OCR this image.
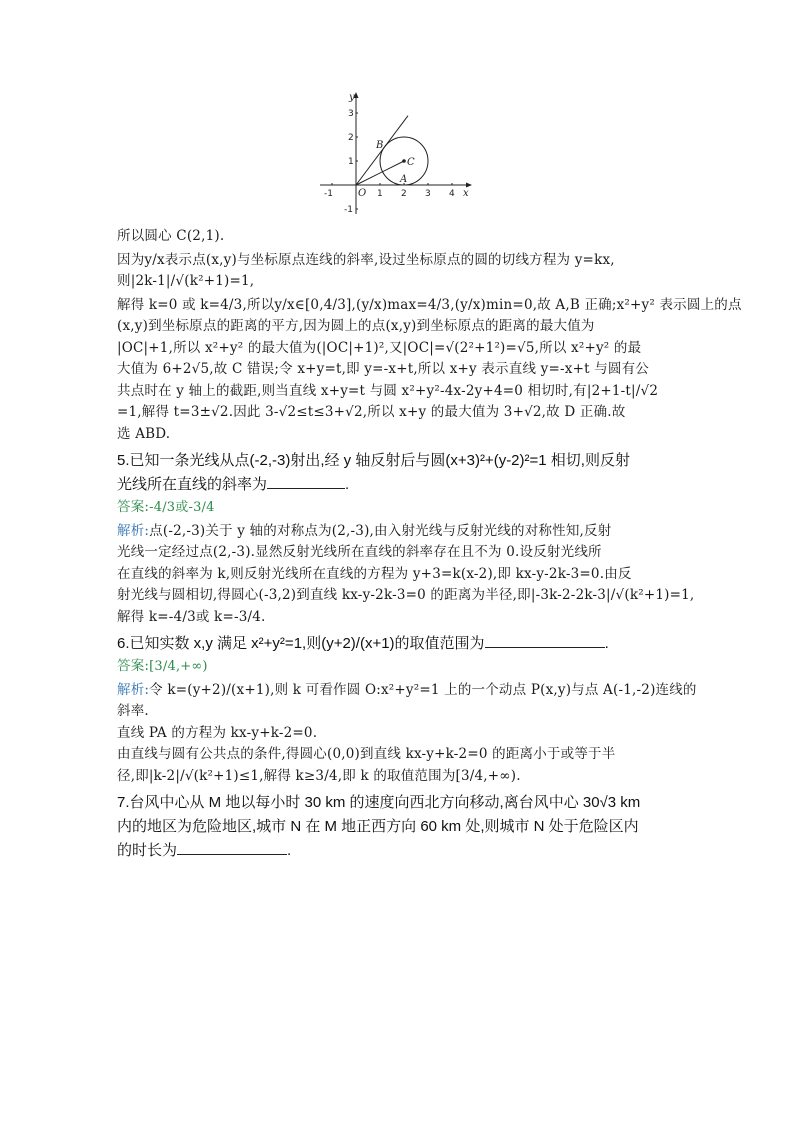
y
x
O
3
2
1
-1
-1	1 2 3 4
B
C
A
所以圆心 C(2,1).
因为y/x表示点(x,y)与坐标原点连线的斜率,设过坐标原点的圆的切线方程为 y=kx,
则|2k-1|/√(k²+1)=1,
解得 k=0 或 k=4/3,所以y/x∈[0,4/3],(y/x)max=4/3,(y/x)min=0,故 A,B 正确;x²+y² 表示圆上的点
(x,y)到坐标原点的距离的平方,因为圆上的点(x,y)到坐标原点的距离的最大值为
|OC|+1,所以 x²+y² 的最大值为(|OC|+1)²,又|OC|=√(2²+1²)=√5,所以 x²+y² 的最
大值为 6+2√5,故 C 错误;令 x+y=t,即 y=-x+t,所以 x+y 表示直线 y=-x+t 与圆有公
共点时在 y 轴上的截距,则当直线 x+y=t 与圆 x²+y²-4x-2y+4=0 相切时,有|2+1-t|/√2
=1,解得 t=3±√2.因此 3-√2≤t≤3+√2,所以 x+y 的最大值为 3+√2,故 D 正确.故
选 ABD.
5.已知一条光线从点(-2,-3)射出,经 y 轴反射后与圆(x+3)²+(y-2)²=1 相切,则反射
光线所在直线的斜率为	.
答案:-4/3或-3/4
解析:点(-2,-3)关于 y 轴的对称点为(2,-3),由入射光线与反射光线的对称性知,反射
光线一定经过点(2,-3).显然反射光线所在直线的斜率存在且不为 0.设反射光线所
在直线的斜率为 k,则反射光线所在直线的方程为 y+3=k(x-2),即 kx-y-2k-3=0.由反
射光线与圆相切,得圆心(-3,2)到直线 kx-y-2k-3=0 的距离为半径,即|-3k-2-2k-3|/√(k²+1)=1,
解得 k=-4/3或 k=-3/4.
6.已知实数 x,y 满足 x²+y²=1,则(y+2)/(x+1)的取值范围为	.
答案:[3/4,+∞)
解析:令 k=(y+2)/(x+1),则 k 可看作圆 O:x²+y²=1 上的一个动点 P(x,y)与点 A(-1,-2)连线的
斜率.
直线 PA 的方程为 kx-y+k-2=0.
由直线与圆有公共点的条件,得圆心(0,0)到直线 kx-y+k-2=0 的距离小于或等于半
径,即|k-2|/√(k²+1)≤1,解得 k≥3/4,即 k 的取值范围为[3/4,+∞).
7.台风中心从 M 地以每小时 30 km 的速度向西北方向移动,离台风中心 30√3 km
内的地区为危险地区,城市 N 在 M 地正西方向 60 km 处,则城市 N 处于危险区内
的时长为	.
